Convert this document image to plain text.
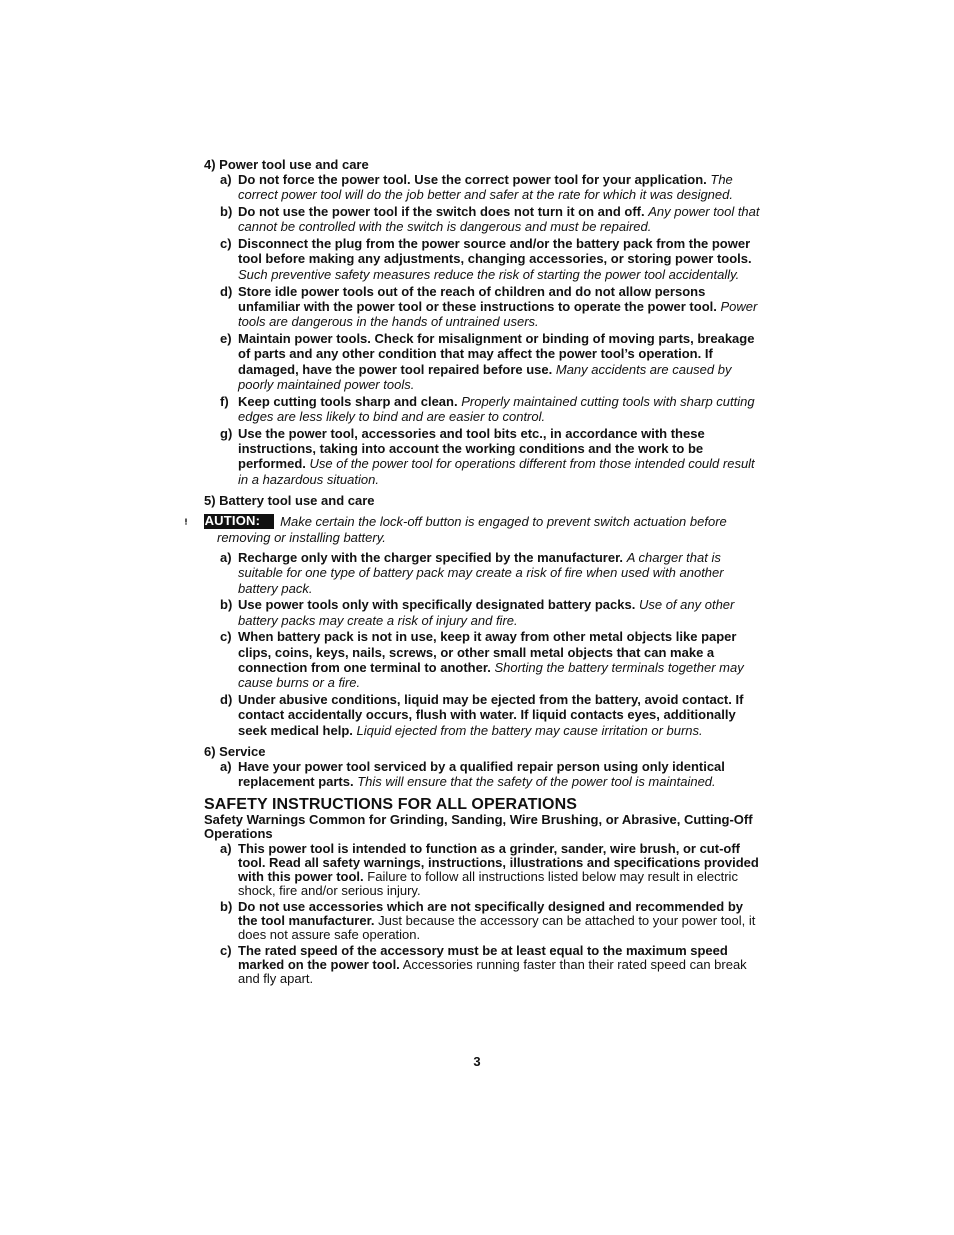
4) Power tool use and care

a) Do not force the power tool. Use the correct power tool for your application. The correct power tool will do the job better and safer at the rate for which it was designed.

b) Do not use the power tool if the switch does not turn it on and off. Any power tool that cannot be controlled with the switch is dangerous and must be repaired.

c) Disconnect the plug from the power source and/or the battery pack from the power tool before making any adjustments, changing accessories, or storing power tools. Such preventive safety measures reduce the risk of starting the power tool accidentally.

d) Store idle power tools out of the reach of children and do not allow persons unfamiliar with the power tool or these instructions to operate the power tool. Power tools are dangerous in the hands of untrained users.

e) Maintain power tools. Check for misalignment or binding of moving parts, breakage of parts and any other condition that may affect the power tool’s operation. If damaged, have the power tool repaired before use. Many accidents are caused by poorly maintained power tools.

f) Keep cutting tools sharp and clean. Properly maintained cutting tools with sharp cutting edges are less likely to bind and are easier to control.

g) Use the power tool, accessories and tool bits etc., in accordance with these instructions, taking into account the working conditions and the work to be performed. Use of the power tool for operations different from those intended could result in a hazardous situation.

5) Battery tool use and care

CAUTION: Make certain the lock-off button is engaged to prevent switch actuation before removing or installing battery.

a) Recharge only with the charger specified by the manufacturer. A charger that is suitable for one type of battery pack may create a risk of fire when used with another battery pack.

b) Use power tools only with specifically designated battery packs. Use of any other battery packs may create a risk of injury and fire.

c) When battery pack is not in use, keep it away from other metal objects like paper clips, coins, keys, nails, screws, or other small metal objects that can make a connection from one terminal to another. Shorting the battery terminals together may cause burns or a fire.

d) Under abusive conditions, liquid may be ejected from the battery, avoid contact. If contact accidentally occurs, flush with water. If liquid contacts eyes, additionally seek medical help. Liquid ejected from the battery may cause irritation or burns.

6) Service

a) Have your power tool serviced by a qualified repair person using only identical replacement parts. This will ensure that the safety of the power tool is maintained.

SAFETY INSTRUCTIONS FOR ALL OPERATIONS

Safety Warnings Common for Grinding, Sanding, Wire Brushing, or Abrasive, Cutting-Off Operations

a) This power tool is intended to function as a grinder, sander, wire brush, or cut-off tool. Read all safety warnings, instructions, illustrations and specifications provided with this power tool. Failure to follow all instructions listed below may result in electric shock, fire and/or serious injury.

b) Do not use accessories which are not specifically designed and recommended by the tool manufacturer. Just because the accessory can be attached to your power tool, it does not assure safe operation.

c) The rated speed of the accessory must be at least equal to the maximum speed marked on the power tool. Accessories running faster than their rated speed can break and fly apart.

3
